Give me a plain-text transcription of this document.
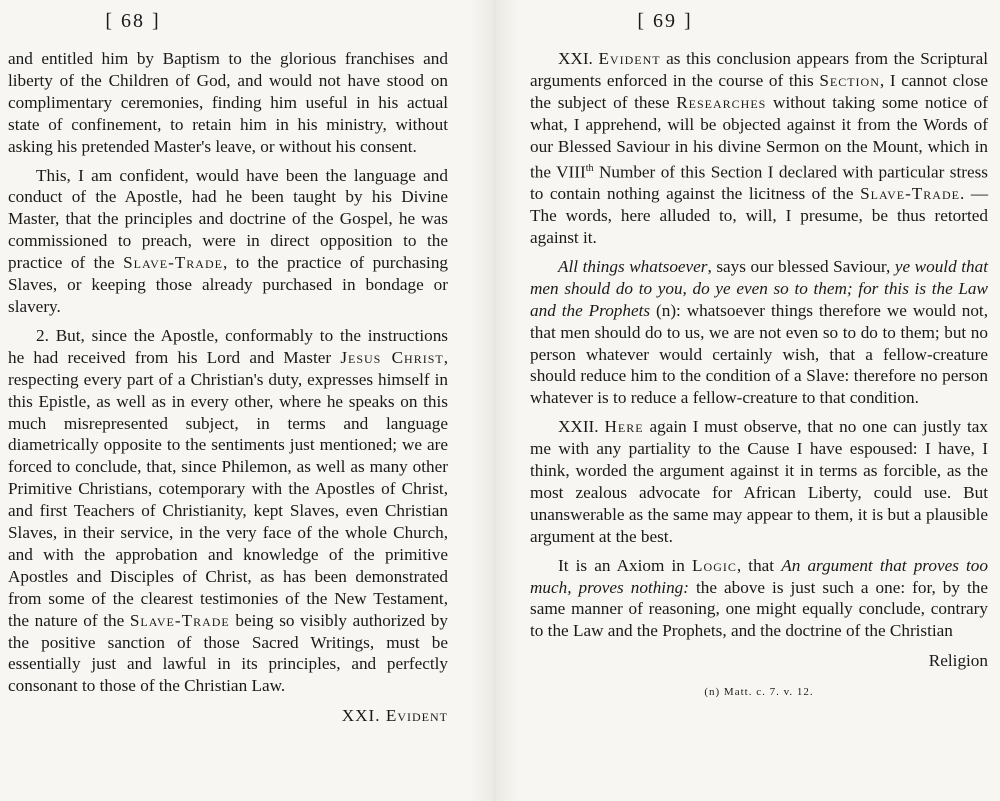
[ 68 ]

and entitled him by Baptism to the glorious franchises and liberty of the Children of God, and would not have stood on complimentary ceremonies, finding him useful in his actual state of confinement, to retain him in his ministry, without asking his pretended Master's leave, or without his consent.

This, I am confident, would have been the language and conduct of the Apostle, had he been taught by his Divine Master, that the principles and doctrine of the Gospel, he was commissioned to preach, were in direct opposition to the practice of the Slave-Trade, to the practice of purchasing Slaves, or keeping those already purchased in bondage or slavery.

2. But, since the Apostle, conformably to the instructions he had received from his Lord and Master Jesus Christ, respecting every part of a Christian's duty, expresses himself in this Epistle, as well as in every other, where he speaks on this much misrepresented subject, in terms and language diametrically opposite to the sentiments just mentioned; we are forced to conclude, that, since Philemon, as well as many other Primitive Christians, cotemporary with the Apostles of Christ, and first Teachers of Christianity, kept Slaves, even Christian Slaves, in their service, in the very face of the whole Church, and with the approbation and knowledge of the primitive Apostles and Disciples of Christ, as has been demonstrated from some of the clearest testimonies of the New Testament, the nature of the Slave-Trade being so visibly authorized by the positive sanction of those Sacred Writings, must be essentially just and lawful in its principles, and perfectly consonant to those of the Christian Law.

XXI. Evident
[ 69 ]

XXI. Evident as this conclusion appears from the Scriptural arguments enforced in the course of this Section, I cannot close the subject of these Researches without taking some notice of what, I apprehend, will be objected against it from the Words of our Blessed Saviour in his divine Sermon on the Mount, which in the VIIIth Number of this Section I declared with particular stress to contain nothing against the licitness of the Slave-Trade. —The words, here alluded to, will, I presume, be thus retorted against it.

All things whatsoever, says our blessed Saviour, ye would that men should do to you, do ye even so to them; for this is the Law and the Prophets (n): whatsoever things therefore we would not, that men should do to us, we are not even so to do to them; but no person whatever would certainly wish, that a fellow-creature should reduce him to the condition of a Slave: therefore no person whatever is to reduce a fellow-creature to that condition.

XXII. Here again I must observe, that no one can justly tax me with any partiality to the Cause I have espoused: I have, I think, worded the argument against it in terms as forcible, as the most zealous advocate for African Liberty, could use. But unanswerable as the same may appear to them, it is but a plausible argument at the best.

It is an Axiom in Logic, that An argument that proves too much, proves nothing: the above is just such a one: for, by the same manner of reasoning, one might equally conclude, contrary to the Law and the Prophets, and the doctrine of the Christian

Religion
(n) Matt. c. 7. v. 12.
